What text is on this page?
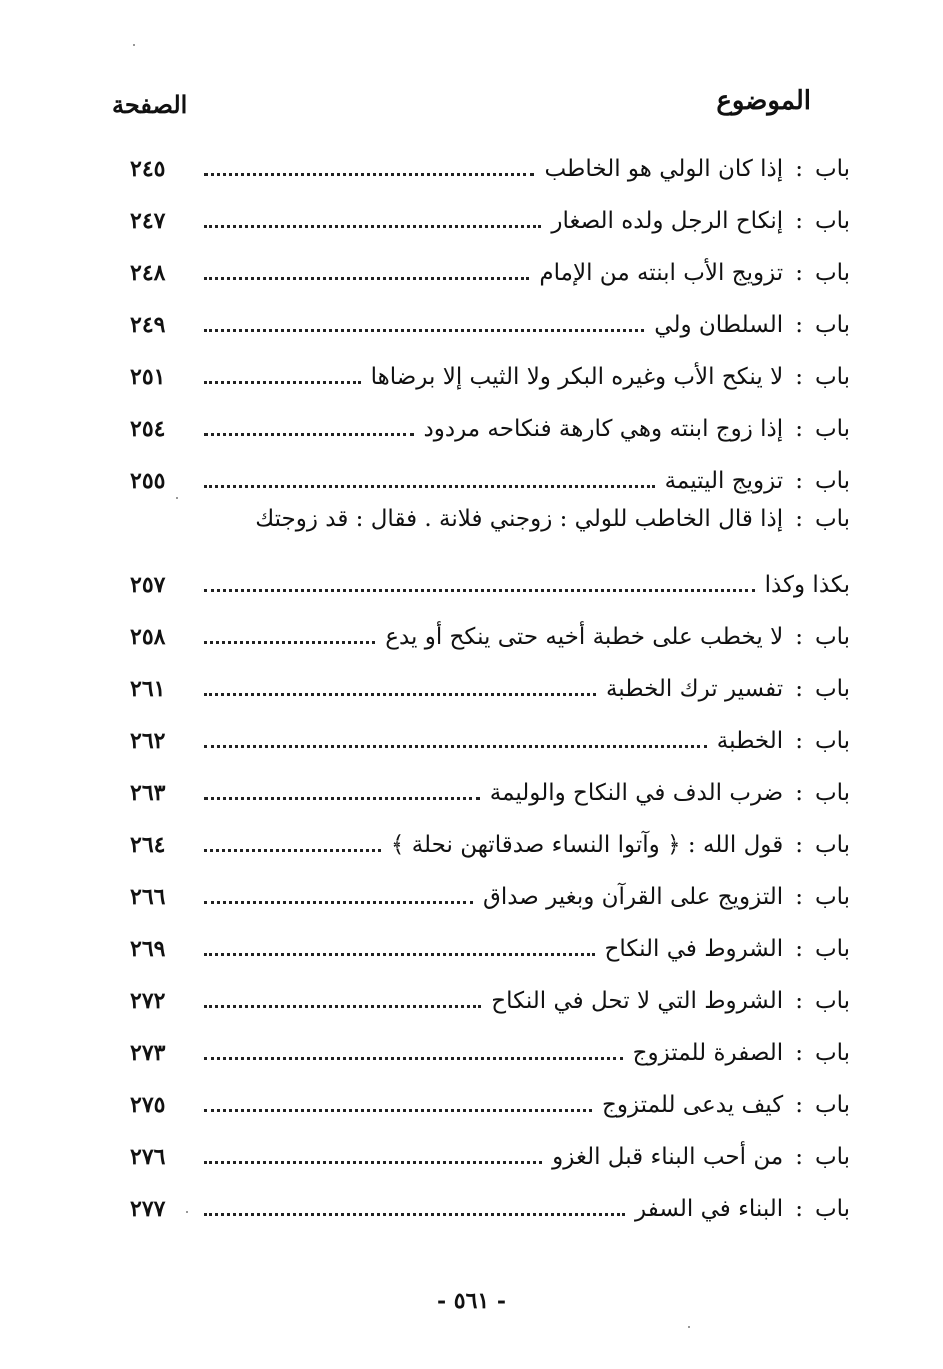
الموضوع
الصفحة
باب
:
إذا كان الولي هو الخاطب
٢٤٥
باب
:
إنكاح الرجل ولده الصغار
٢٤٧
باب
:
تزويج الأب ابنته من الإمام
٢٤٨
باب
:
السلطان ولي
٢٤٩
باب
:
لا ينكح الأب وغيره البكر ولا الثيب إلا برضاها
٢٥١
باب
:
إذا زوج ابنته وهي كارهة فنكاحه مردود
٢٥٤
باب
:
تزويج اليتيمة
٢٥٥
باب
:
إذا قال الخاطب للولي : زوجني فلانة . فقال : قد زوجتك
بكذا وكذا
٢٥٧
باب
:
لا يخطب على خطبة أخيه حتى ينكح أو يدع
٢٥٨
باب
:
تفسير ترك الخطبة
٢٦١
باب
:
الخطبة
٢٦٢
باب
:
ضرب الدف في النكاح والوليمة
٢٦٣
باب
:
قول الله : ﴿ وآتوا النساء صدقاتهن نحلة ﴾
٢٦٤
باب
:
التزويج على القرآن وبغير صداق
٢٦٦
باب
:
الشروط في النكاح
٢٦٩
باب
:
الشروط التي لا تحل في النكاح
٢٧٢
باب
:
الصفرة للمتزوج
٢٧٣
باب
:
كيف يدعى للمتزوج
٢٧٥
باب
:
من أحب البناء قبل الغزو
٢٧٦
باب
:
البناء في السفر
٢٧٧
- ٥٦١ -
